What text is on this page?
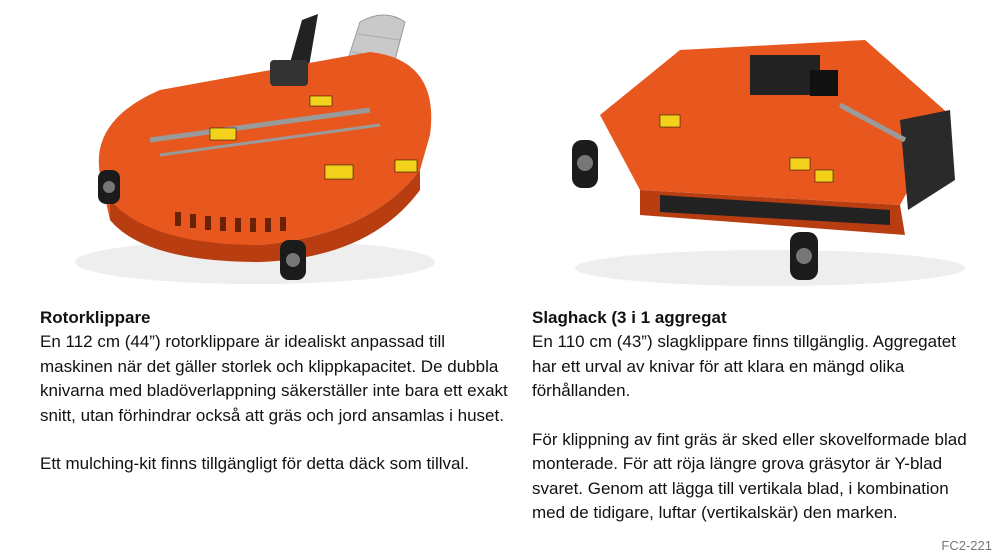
Rotorklippare

En 112 cm (44”) rotorklippare är idealiskt anpassad till maskinen när det gäller storlek och klippkapacitet. De dubbla knivarna med bladöverlappning säkerställer inte bara ett exakt snitt, utan förhindrar också att gräs och jord ansamlas i huset.

Ett mulching-kit finns tillgängligt för detta däck som tillval.

Slaghack (3 i 1 aggregat

En 110 cm (43”) slagklippare finns tillgänglig. Aggregatet har ett urval av knivar för att klara en mängd olika förhållanden.

För klippning av fint gräs är sked eller skovelformade blad monterade. För att röja längre grova gräsytor är Y-blad svaret. Genom att lägga till vertikala blad, i kombination med de tidigare, luftar (vertikalskär) den marken.

FC2-221
